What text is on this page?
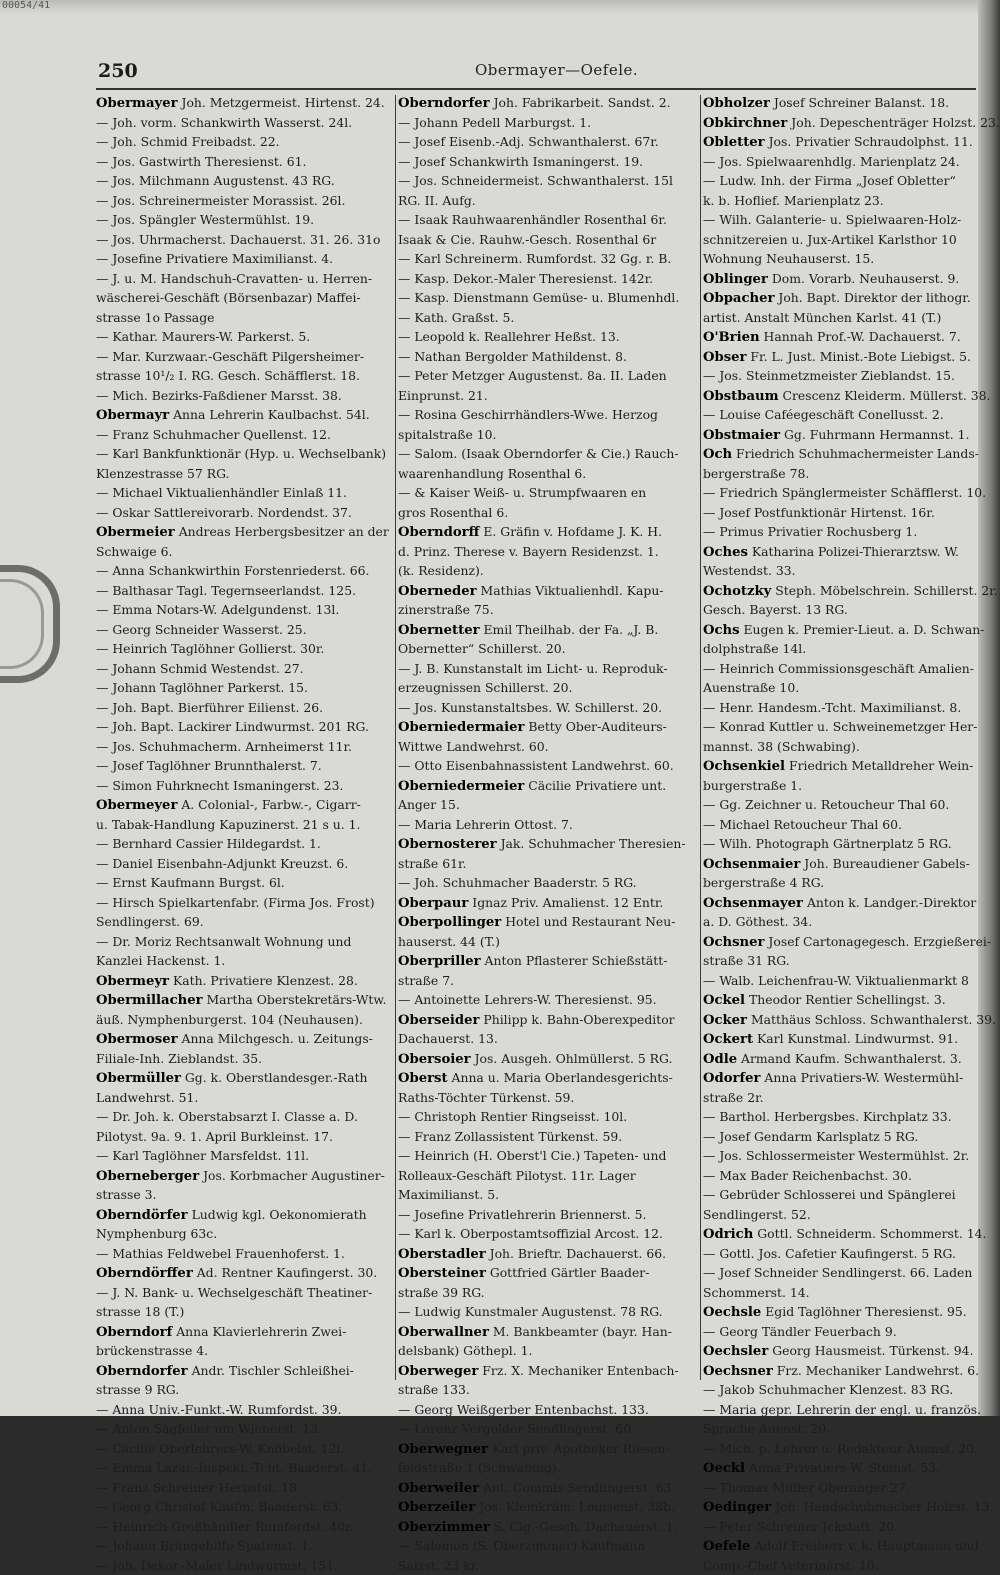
00054/41
250	Obermayer—Oefele.
Obermayer Joh. Metzgermeist. Hirtenst. 24.
— Joh. vorm. Schankwirth Wasserst. 24l.
— Joh. Schmid Freibadst. 22.
— Jos. Gastwirth Theresienst. 61.
— Jos. Milchmann Augustenst. 43 RG.
— Jos. Schreinermeister Morassist. 26l.
— Jos. Spängler Westermühlst. 19.
— Jos. Uhrmacherst. Dachauerst. 31. 26. 31o
— Josefine Privatiere Maximilianst. 4.
— J. u. M. Handschuh-Cravatten- u. Herren-
wäscherei-Geschäft (Börsenbazar) Maffei-
strasse 1o Passage
— Kathar. Maurers-W. Parkerst. 5.
— Mar. Kurzwaar.-Geschäft Pilgersheimer-
strasse 10¹/₂ I. RG. Gesch. Schäfflerst. 18.
— Mich. Bezirks-Faßdiener Marsst. 38.
Obermayr Anna Lehrerin Kaulbachst. 54l.
— Franz Schuhmacher Quellenst. 12.
— Karl Bankfunktionär (Hyp. u. Wechselbank)
Klenzestrasse 57 RG.
— Michael Viktualienhändler Einlaß 11.
— Oskar Sattlereivorarb. Nordendst. 37.
Obermeier Andreas Herbergsbesitzer an der
Schwaige 6.
— Anna Schankwirthin Forstenriederst. 66.
— Balthasar Tagl. Tegernseerlandst. 125.
— Emma Notars-W. Adelgundenst. 13l.
— Georg Schneider Wasserst. 25.
— Heinrich Taglöhner Gollierst. 30r.
— Johann Schmid Westendst. 27.
— Johann Taglöhner Parkerst. 15.
— Joh. Bapt. Bierführer Eilienst. 26.
— Joh. Bapt. Lackirer Lindwurmst. 201 RG.
— Jos. Schuhmacherm. Arnheimerst 11r.
— Josef Taglöhner Brunnthalerst. 7.
— Simon Fuhrknecht Ismaningerst. 23.
Obermeyer A. Colonial-, Farbw.-, Cigarr-
u. Tabak-Handlung Kapuzinerst. 21 s u. 1.
— Bernhard Cassier Hildegardst. 1.
— Daniel Eisenbahn-Adjunkt Kreuzst. 6.
— Ernst Kaufmann Burgst. 6l.
— Hirsch Spielkartenfabr. (Firma Jos. Frost)
Sendlingerst. 69.
— Dr. Moriz Rechtsanwalt Wohnung und
Kanzlei Hackenst. 1.
Obermeyr Kath. Privatiere Klenzest. 28.
Obermillacher Martha Oberstekretärs-Wtw.
äuß. Nymphenburgerst. 104 (Neuhausen).
Obermoser Anna Milchgesch. u. Zeitungs-
Filiale-Inh. Zieblandst. 35.
Obermüller Gg. k. Oberstlandesger.-Rath
Landwehrst. 51.
— Dr. Joh. k. Oberstabsarzt I. Classe a. D.
Pilotyst. 9a. 9. 1. April Burkleinst. 17.
— Karl Taglöhner Marsfeldst. 11l.
Oberneberger Jos. Korbmacher Augustiner-
strasse 3.
Oberndörfer Ludwig kgl. Oekonomierath
Nymphenburg 63c.
— Mathias Feldwebel Frauenhoferst. 1.
Oberndörffer Ad. Rentner Kaufingerst. 30.
— J. N. Bank- u. Wechselgeschäft Theatiner-
strasse 18 (T.)
Oberndorf Anna Klavierlehrerin Zwei-
brückenstrasse 4.
Oberndorfer Andr. Tischler Schleißhei-
strasse 9 RG.
— Anna Univ.-Funkt.-W. Rumfordst. 39.
— Anton Sägfeiler um Wienerst. 13.
— Cäcilie Oberlehrers-W. Knöbelst. 12l.
— Emma Lazar.-Inspekt.-Tcht. Baaderst. 41.
— Franz Schreiner Herbstst. 18.
— Georg Christof Kaufm. Baaderst. 63.
— Heinrich Großhändler Rumfordst. 40r.
— Johann Brängehilfe Spatenst. 1.
— Joh. Dekor.-Maler Lindwurmst. 151.
Oberndorfer Joh. Fabrikarbeit. Sandst. 2.
— Johann Pedell Marburgst. 1.
— Josef Eisenb.-Adj. Schwanthalerst. 67r.
— Josef Schankwirth Ismaningerst. 19.
— Jos. Schneidermeist. Schwanthalerst. 15l
RG. II. Aufg.
— Isaak Rauhwaarenhändler Rosenthal 6r.
Isaak & Cie. Rauhw.-Gesch. Rosenthal 6r
— Karl Schreinerm. Rumfordst. 32 Gg. r. B.
— Kasp. Dekor.-Maler Theresienst. 142r.
— Kasp. Dienstmann Gemüse- u. Blumenhdl.
— Kath. Graßst. 5.
— Leopold k. Reallehrer Heßst. 13.
— Nathan Bergolder Mathildenst. 8.
— Peter Metzger Augustenst. 8a. II. Laden
Einprunst. 21.
— Rosina Geschirrhändlers-Wwe. Herzog
spitalstraße 10.
— Salom. (Isaak Oberndorfer & Cie.) Rauch-
waarenhandlung Rosenthal 6.
— & Kaiser Weiß- u. Strumpfwaaren en
gros Rosenthal 6.
Oberndorff E. Gräfin v. Hofdame J. K. H.
d. Prinz. Therese v. Bayern Residenzst. 1.
(k. Residenz).
Oberneder Mathias Viktualienhdl. Kapu-
zinerstraße 75.
Obernetter Emil Theilhab. der Fa. „J. B.
Obernetter“ Schillerst. 20.
— J. B. Kunstanstalt im Licht- u. Reproduk-
erzeugnissen Schillerst. 20.
— Jos. Kunstanstaltsbes. W. Schillerst. 20.
Oberniedermaier Betty Ober-Auditeurs-
Wittwe Landwehrst. 60.
— Otto Eisenbahnassistent Landwehrst. 60.
Oberniedermeier Cäcilie Privatiere unt.
Anger 15.
— Maria Lehrerin Ottost. 7.
Obernosterer Jak. Schuhmacher Theresien-
straße 61r.
— Joh. Schuhmacher Baaderstr. 5 RG.
Oberpaur Ignaz Priv. Amalienst. 12 Entr.
Oberpollinger Hotel und Restaurant Neu-
hauserst. 44 (T.)
Oberpriller Anton Pflasterer Schießstätt-
straße 7.
— Antoinette Lehrers-W. Theresienst. 95.
Oberseider Philipp k. Bahn-Oberexpeditor
Dachauerst. 13.
Obersoier Jos. Ausgeh. Ohlmüllerst. 5 RG.
Oberst Anna u. Maria Oberlandesgerichts-
Raths-Töchter Türkenst. 59.
— Christoph Rentier Ringseisst. 10l.
— Franz Zollassistent Türkenst. 59.
— Heinrich (H. Oberst'l Cie.) Tapeten- und
Rolleaux-Geschäft Pilotyst. 11r. Lager
Maximilianst. 5.
— Josefine Privatlehrerin Briennerst. 5.
— Karl k. Oberpostamtsoffizial Arcost. 12.
Oberstadler Joh. Brieftr. Dachauerst. 66.
Obersteiner Gottfried Gärtler Baader-
straße 39 RG.
— Ludwig Kunstmaler Augustenst. 78 RG.
Oberwallner M. Bankbeamter (bayr. Han-
delsbank) Göthepl. 1.
Oberweger Frz. X. Mechaniker Entenbach-
straße 133.
— Georg Weißgerber Entenbachst. 133.
— Lorenz Vergolder Sendlingerst. 60.
Oberwegner Karl priv. Apotheker Riesen-
feldstraße 1 (Schwabing).
Oberweiler Ant. Commis Sendlingerst. 63
Oberzeiler Jos. Kleinkräm. Louisenst. 38b.
Oberzimmer S. Cig.-Gesch. Dachauerst. 1.
— Salomon (S. Oberzimmer) Kaufmann
Salzst. 23 kr.
Obholzer Josef Schreiner Balanst. 18.
Obkirchner Joh. Depeschenträger Holzst. 23.
Obletter Jos. Privatier Schraudolphst. 11.
— Jos. Spielwaarenhdlg. Marienplatz 24.
— Ludw. Inh. der Firma „Josef Obletter“
k. b. Hoflief. Marienplatz 23.
— Wilh. Galanterie- u. Spielwaaren-Holz-
schnitzereien u. Jux-Artikel Karlsthor 10
Wohnung Neuhauserst. 15.
Oblinger Dom. Vorarb. Neuhauserst. 9.
Obpacher Joh. Bapt. Direktor der lithogr.
artist. Anstalt München Karlst. 41 (T.)
O'Brien Hannah Prof.-W. Dachauerst. 7.
Obser Fr. L. Just. Minist.-Bote Liebigst. 5.
— Jos. Steinmetzmeister Zieblandst. 15.
Obstbaum Crescenz Kleiderm. Müllerst. 38.
— Louise Caféegeschäft Conellusst. 2.
Obstmaier Gg. Fuhrmann Hermannst. 1.
Och Friedrich Schuhmachermeister Lands-
bergerstraße 78.
— Friedrich Spänglermeister Schäfflerst. 10.
— Josef Postfunktionär Hirtenst. 16r.
— Primus Privatier Rochusberg 1.
Oches Katharina Polizei-Thierarztsw. W.
Westendst. 33.
Ochotzky Steph. Möbelschrein. Schillerst. 2r.
Gesch. Bayerst. 13 RG.
Ochs Eugen k. Premier-Lieut. a. D. Schwan-
dolphstraße 14l.
— Heinrich Commissionsgeschäft Amalien-
Auenstraße 10.
— Henr. Handesm.-Tcht. Maximilianst. 8.
— Konrad Kuttler u. Schweinemetzger Her-
mannst. 38 (Schwabing).
Ochsenkiel Friedrich Metalldreher Wein-
burgerstraße 1.
— Gg. Zeichner u. Retoucheur Thal 60.
— Michael Retoucheur Thal 60.
— Wilh. Photograph Gärtnerplatz 5 RG.
Ochsenmaier Joh. Bureaudiener Gabels-
bergerstraße 4 RG.
Ochsenmayer Anton k. Landger.-Direktor
a. D. Göthest. 34.
Ochsner Josef Cartonagegesch. Erzgießerei-
straße 31 RG.
— Walb. Leichenfrau-W. Viktualienmarkt 8
Ockel Theodor Rentier Schellingst. 3.
Ocker Matthäus Schloss. Schwanthalerst. 39.
Ockert Karl Kunstmal. Lindwurmst. 91.
Odle Armand Kaufm. Schwanthalerst. 3.
Odorfer Anna Privatiers-W. Westermühl-
straße 2r.
— Barthol. Herbergsbes. Kirchplatz 33.
— Josef Gendarm Karlsplatz 5 RG.
— Jos. Schlossermeister Westermühlst. 2r.
— Max Bader Reichenbachst. 30.
— Gebrüder Schlosserei und Spänglerei
Sendlingerst. 52.
Odrich Gottl. Schneiderm. Schommerst. 14.
— Gottl. Jos. Cafetier Kaufingerst. 5 RG.
— Josef Schneider Sendlingerst. 66. Laden
Schommerst. 14.
Oechsle Egid Taglöhner Theresienst. 95.
— Georg Tändler Feuerbach 9.
Oechsler Georg Hausmeist. Türkenst. 94.
Oechsner Frz. Mechaniker Landwehrst. 6.
— Jakob Schuhmacher Klenzest. 83 RG.
— Maria gepr. Lehrerin der engl. u. französ.
Sprache Auenst. 20.
— Mich. p. Lehrer u. Redakteur Auenst. 20.
Oeckl Anna Privatiers-W. Steinst. 53.
— Thomas Müller Oberanger 27.
Oedinger Joh. Handschuhmacher Holzst. 13.
— Peter Schreiner Jckstatt. 20.
Oefele Adolf Freiherr v. k. Hauptmann und
Comp.-Chef Veterinärst. 10.
